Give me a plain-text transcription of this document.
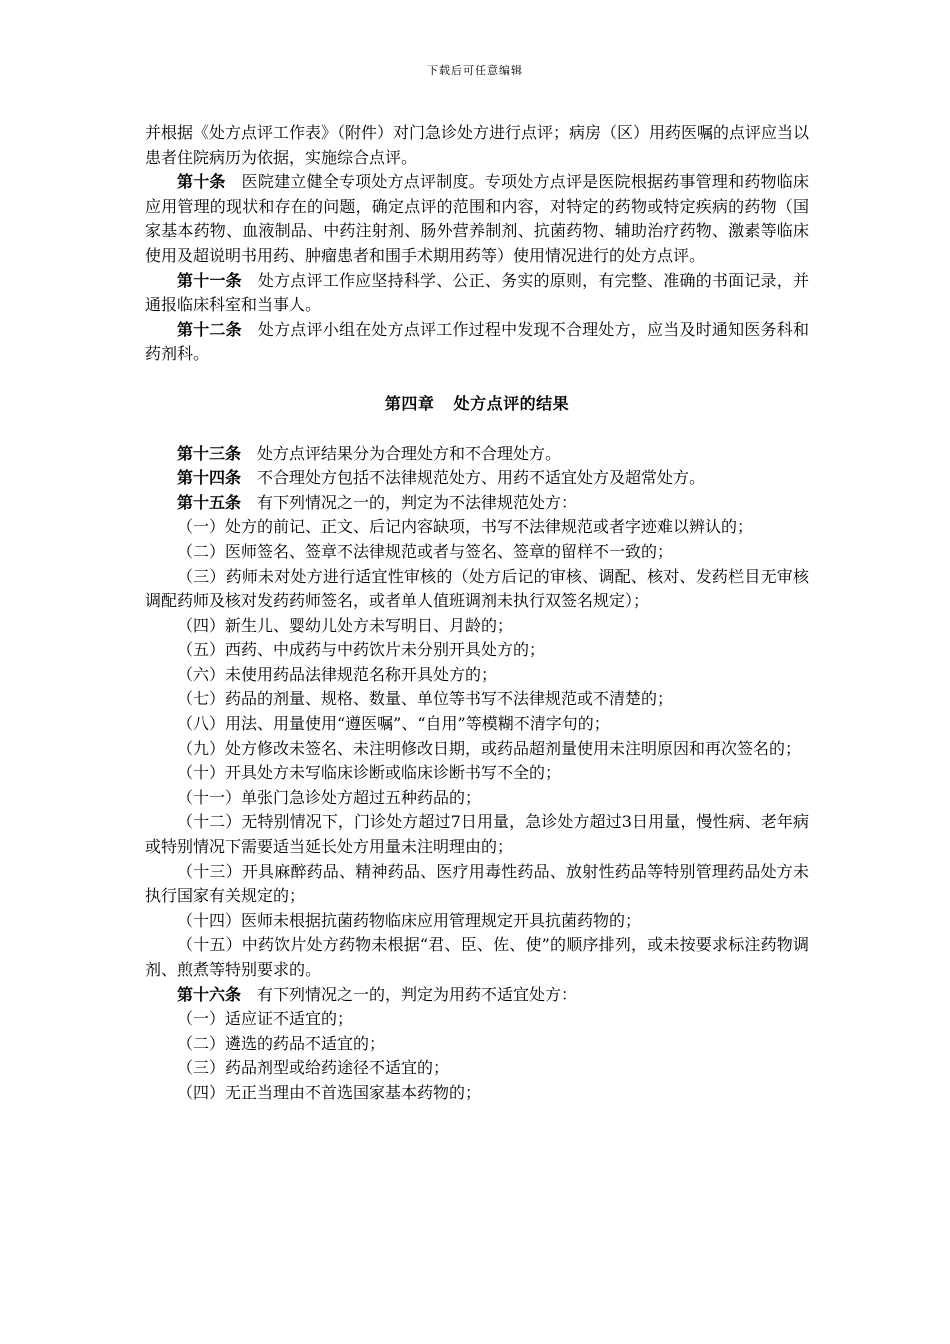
下载后可任意编辑

并根据《处方点评工作表》（附件）对门急诊处方进行点评；病房（区）用药医嘱的点评应当以患者住院病历为依据，实施综合点评。

第十条 医院建立健全专项处方点评制度。专项处方点评是医院根据药事管理和药物临床应用管理的现状和存在的问题，确定点评的范围和内容，对特定的药物或特定疾病的药物（国家基本药物、血液制品、中药注射剂、肠外营养制剂、抗菌药物、辅助治疗药物、激素等临床使用及超说明书用药、肿瘤患者和围手术期用药等）使用情况进行的处方点评。

第十一条 处方点评工作应坚持科学、公正、务实的原则，有完整、准确的书面记录，并通报临床科室和当事人。

第十二条 处方点评小组在处方点评工作过程中发现不合理处方，应当及时通知医务科和药剂科。

第四章 处方点评的结果

第十三条 处方点评结果分为合理处方和不合理处方。

第十四条 不合理处方包括不法律规范处方、用药不适宜处方及超常处方。

第十五条 有下列情况之一的，判定为不法律规范处方：

（一）处方的前记、正文、后记内容缺项，书写不法律规范或者字迹难以辨认的；

（二）医师签名、签章不法律规范或者与签名、签章的留样不一致的；

（三）药师未对处方进行适宜性审核的（处方后记的审核、调配、核对、发药栏目无审核调配药师及核对发药药师签名，或者单人值班调剂未执行双签名规定）；

（四）新生儿、婴幼儿处方未写明日、月龄的；

（五）西药、中成药与中药饮片未分别开具处方的；

（六）未使用药品法律规范名称开具处方的；

（七）药品的剂量、规格、数量、单位等书写不法律规范或不清楚的；

（八）用法、用量使用“遵医嘱”、“自用”等模糊不清字句的；

（九）处方修改未签名、未注明修改日期，或药品超剂量使用未注明原因和再次签名的；

（十）开具处方未写临床诊断或临床诊断书写不全的；

（十一）单张门急诊处方超过五种药品的；

（十二）无特别情况下，门诊处方超过7日用量，急诊处方超过3日用量，慢性病、老年病或特别情况下需要适当延长处方用量未注明理由的；

（十三）开具麻醉药品、精神药品、医疗用毒性药品、放射性药品等特别管理药品处方未执行国家有关规定的；

（十四）医师未根据抗菌药物临床应用管理规定开具抗菌药物的；

（十五）中药饮片处方药物未根据“君、臣、佐、使”的顺序排列，或未按要求标注药物调剂、煎煮等特别要求的。

第十六条 有下列情况之一的，判定为用药不适宜处方：

（一）适应证不适宜的；

（二）遴选的药品不适宜的；

（三）药品剂型或给药途径不适宜的；

（四）无正当理由不首选国家基本药物的；
